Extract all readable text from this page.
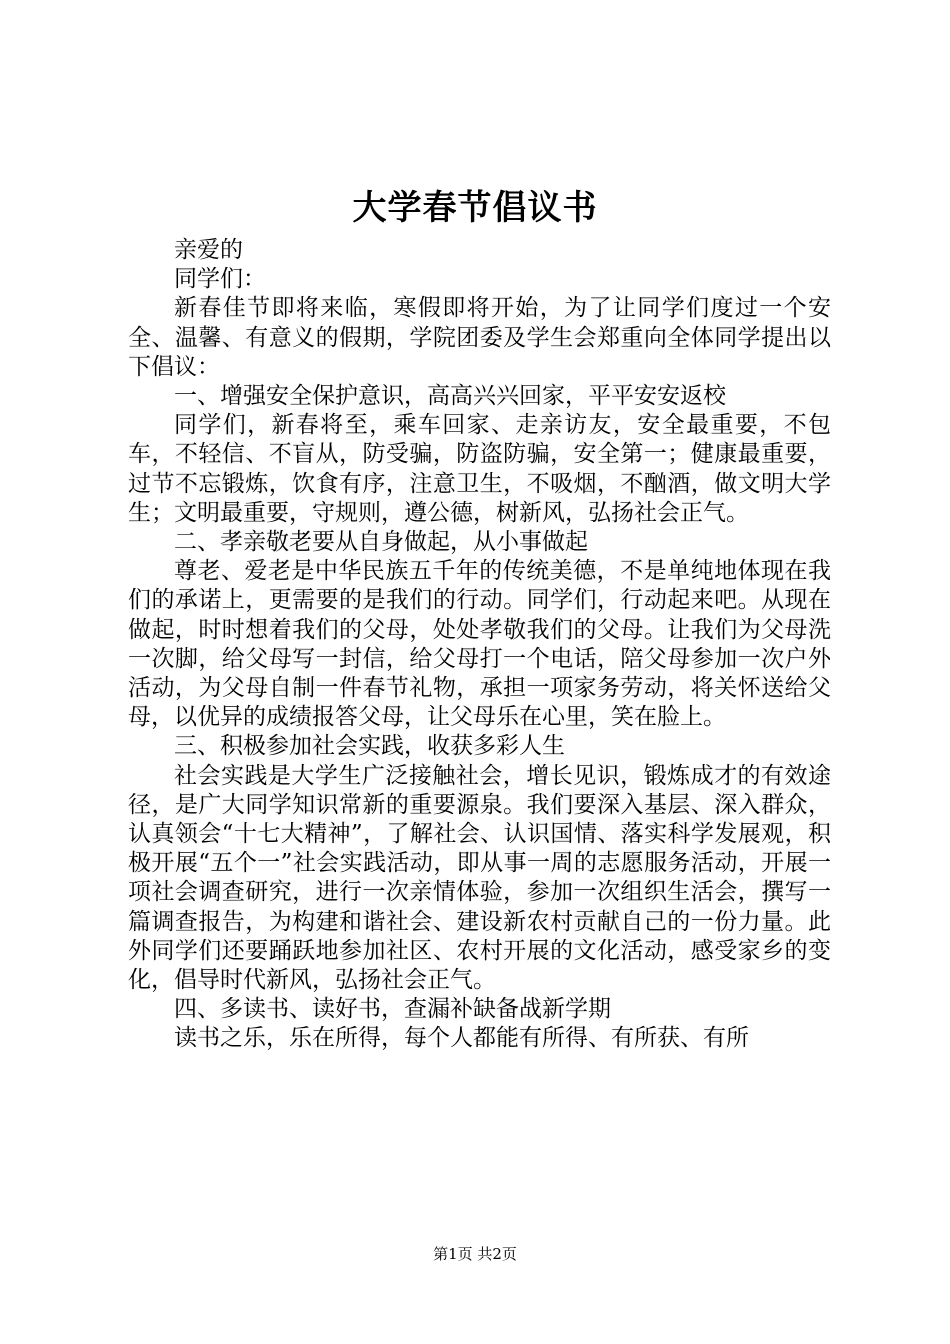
大学春节倡议书

亲爱的

同学们：

新春佳节即将来临，寒假即将开始，为了让同学们度过一个安全、温馨、有意义的假期，学院团委及学生会郑重向全体同学提出以下倡议：

一、增强安全保护意识，高高兴兴回家，平平安安返校

同学们，新春将至，乘车回家、走亲访友，安全最重要，不包车，不轻信、不盲从，防受骗，防盗防骗，安全第一；健康最重要，过节不忘锻炼，饮食有序，注意卫生，不吸烟，不酗酒，做文明大学生；文明最重要，守规则，遵公德，树新风，弘扬社会正气。

二、孝亲敬老要从自身做起，从小事做起

尊老、爱老是中华民族五千年的传统美德，不是单纯地体现在我们的承诺上，更需要的是我们的行动。同学们，行动起来吧。从现在做起，时时想着我们的父母，处处孝敬我们的父母。让我们为父母洗一次脚，给父母写一封信，给父母打一个电话，陪父母参加一次户外活动，为父母自制一件春节礼物，承担一项家务劳动，将关怀送给父母，以优异的成绩报答父母，让父母乐在心里，笑在脸上。

三、积极参加社会实践，收获多彩人生

社会实践是大学生广泛接触社会，增长见识，锻炼成才的有效途径，是广大同学知识常新的重要源泉。我们要深入基层、深入群众，认真领会“十七大精神”，了解社会、认识国情、落实科学发展观，积极开展“五个一”社会实践活动，即从事一周的志愿服务活动，开展一项社会调查研究，进行一次亲情体验，参加一次组织生活会，撰写一篇调查报告，为构建和谐社会、建设新农村贡献自己的一份力量。此外同学们还要踊跃地参加社区、农村开展的文化活动，感受家乡的变化，倡导时代新风，弘扬社会正气。

四、多读书、读好书，查漏补缺备战新学期

读书之乐，乐在所得，每个人都能有所得、有所获、有所

第1页 共2页
